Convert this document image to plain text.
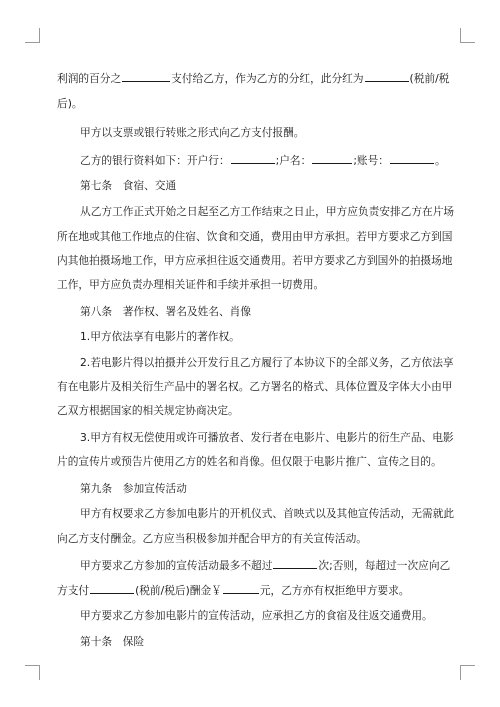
利润的百分之	支付给乙方，作为乙方的分红，此分红为	(税前/税
后)。
甲方以支票或银行转账之形式向乙方支付报酬。
乙方的银行资料如下：开户行：	;户名：	;账号：	。
第七条　食宿、交通
从乙方工作正式开始之日起至乙方工作结束之日止，甲方应负责安排乙方在片场
所在地或其他工作地点的住宿、饮食和交通，费用由甲方承担。若甲方要求乙方到国
内其他拍摄场地工作，甲方应承担往返交通费用。若甲方要求乙方到国外的拍摄场地
工作，甲方应负责办理相关证件和手续并承担一切费用。
第八条　著作权、署名及姓名、肖像
1.甲方依法享有电影片的著作权。
2.若电影片得以拍摄并公开发行且乙方履行了本协议下的全部义务，乙方依法享
有在电影片及相关衍生产品中的署名权。乙方署名的格式、具体位置及字体大小由甲
乙双方根据国家的相关规定协商决定。
3.甲方有权无偿使用或许可播放者、发行者在电影片、电影片的衍生产品、电影
片的宣传片或预告片使用乙方的姓名和肖像。但仅限于电影片推广、宣传之目的。
第九条　参加宣传活动
甲方有权要求乙方参加电影片的开机仪式、首映式以及其他宣传活动，无需就此
向乙方支付酬金。乙方应当积极参加并配合甲方的有关宣传活动。
甲方要求乙方参加的宣传活动最多不超过	次;否则，每超过一次应向乙
方支付	(税前/税后)酬金￥	元，乙方亦有权拒绝甲方要求。
甲方要求乙方参加电影片的宣传活动，应承担乙方的食宿及往返交通费用。
第十条　保险
